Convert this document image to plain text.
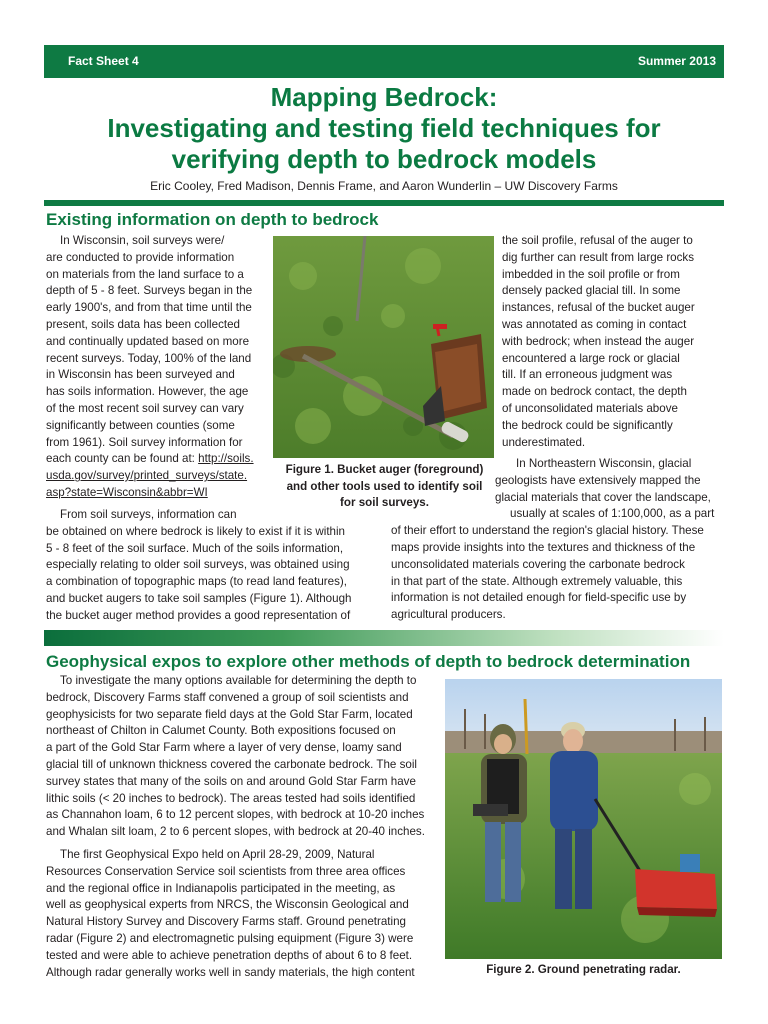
Fact Sheet 4	Summer 2013
Mapping Bedrock:
Investigating and testing field techniques for
verifying depth to bedrock models
Eric Cooley, Fred Madison, Dennis Frame, and Aaron Wunderlin – UW Discovery Farms
Existing information on depth to bedrock
In Wisconsin, soil surveys were/
are conducted to provide information
on materials from the land surface to a
depth of 5 - 8 feet. Surveys began in the
early 1900's, and from that time until the
present, soils data has been collected
and continually updated based on more
recent surveys. Today, 100% of the land
in Wisconsin has been surveyed and
has soils information. However, the age
of the most recent soil survey can vary
significantly between counties (some
from 1961). Soil survey information for
each county can be found at: http://soils.
usda.gov/survey/printed_surveys/state.
asp?state=Wisconsin&abbr=WI
From soil surveys, information can
be obtained on where bedrock is likely to exist if it is within
5 - 8 feet of the soil surface. Much of the soils information,
especially relating to older soil surveys, was obtained using
a combination of topographic maps (to read land features),
and bucket augers to take soil samples (Figure 1). Although
the bucket auger method provides a good representation of
Figure 1. Bucket auger (foreground)
and other tools used to identify soil
for soil surveys.
the soil profile, refusal of the auger to
dig further can result from large rocks
imbedded in the soil profile or from
densely packed glacial till. In some
instances, refusal of the bucket auger
was annotated as coming in contact
with bedrock; when instead the auger
encountered a large rock or glacial
till. If an erroneous judgment was
made on bedrock contact, the depth
of unconsolidated materials above
the bedrock could be significantly
underestimated.
In Northeastern Wisconsin, glacial
geologists have extensively mapped the
glacial materials that cover the landscape,
usually at scales of 1:100,000, as a part
of their effort to understand the region's glacial history. These
maps provide insights into the textures and thickness of the
unconsolidated materials covering the carbonate bedrock
in that part of the state. Although extremely valuable, this
information is not detailed enough for field-specific use by
agricultural producers.
Geophysical expos to explore other methods of depth to bedrock determination
To investigate the many options available for determining the depth to
bedrock, Discovery Farms staff convened a group of soil scientists and
geophysicists for two separate field days at the Gold Star Farm, located
northeast of Chilton in Calumet County. Both expositions focused on
a part of the Gold Star Farm where a layer of very dense, loamy sand
glacial till of unknown thickness covered the carbonate bedrock. The soil
survey states that many of the soils on and around Gold Star Farm have
lithic soils (< 20 inches to bedrock). The areas tested had soils identified
as Channahon loam, 6 to 12 percent slopes, with bedrock at 10-20 inches
and Whalan silt loam, 2 to 6 percent slopes, with bedrock at 20-40 inches.
The first Geophysical Expo held on April 28-29, 2009, Natural
Resources Conservation Service soil scientists from three area offices
and the regional office in Indianapolis participated in the meeting, as
well as geophysical experts from NRCS, the Wisconsin Geological and
Natural History Survey and Discovery Farms staff. Ground penetrating
radar (Figure 2) and electromagnetic pulsing equipment (Figure 3) were
tested and were able to achieve penetration depths of about 6 to 8 feet.
Although radar generally works well in sandy materials, the high content	Figure 2. Ground penetrating radar.
